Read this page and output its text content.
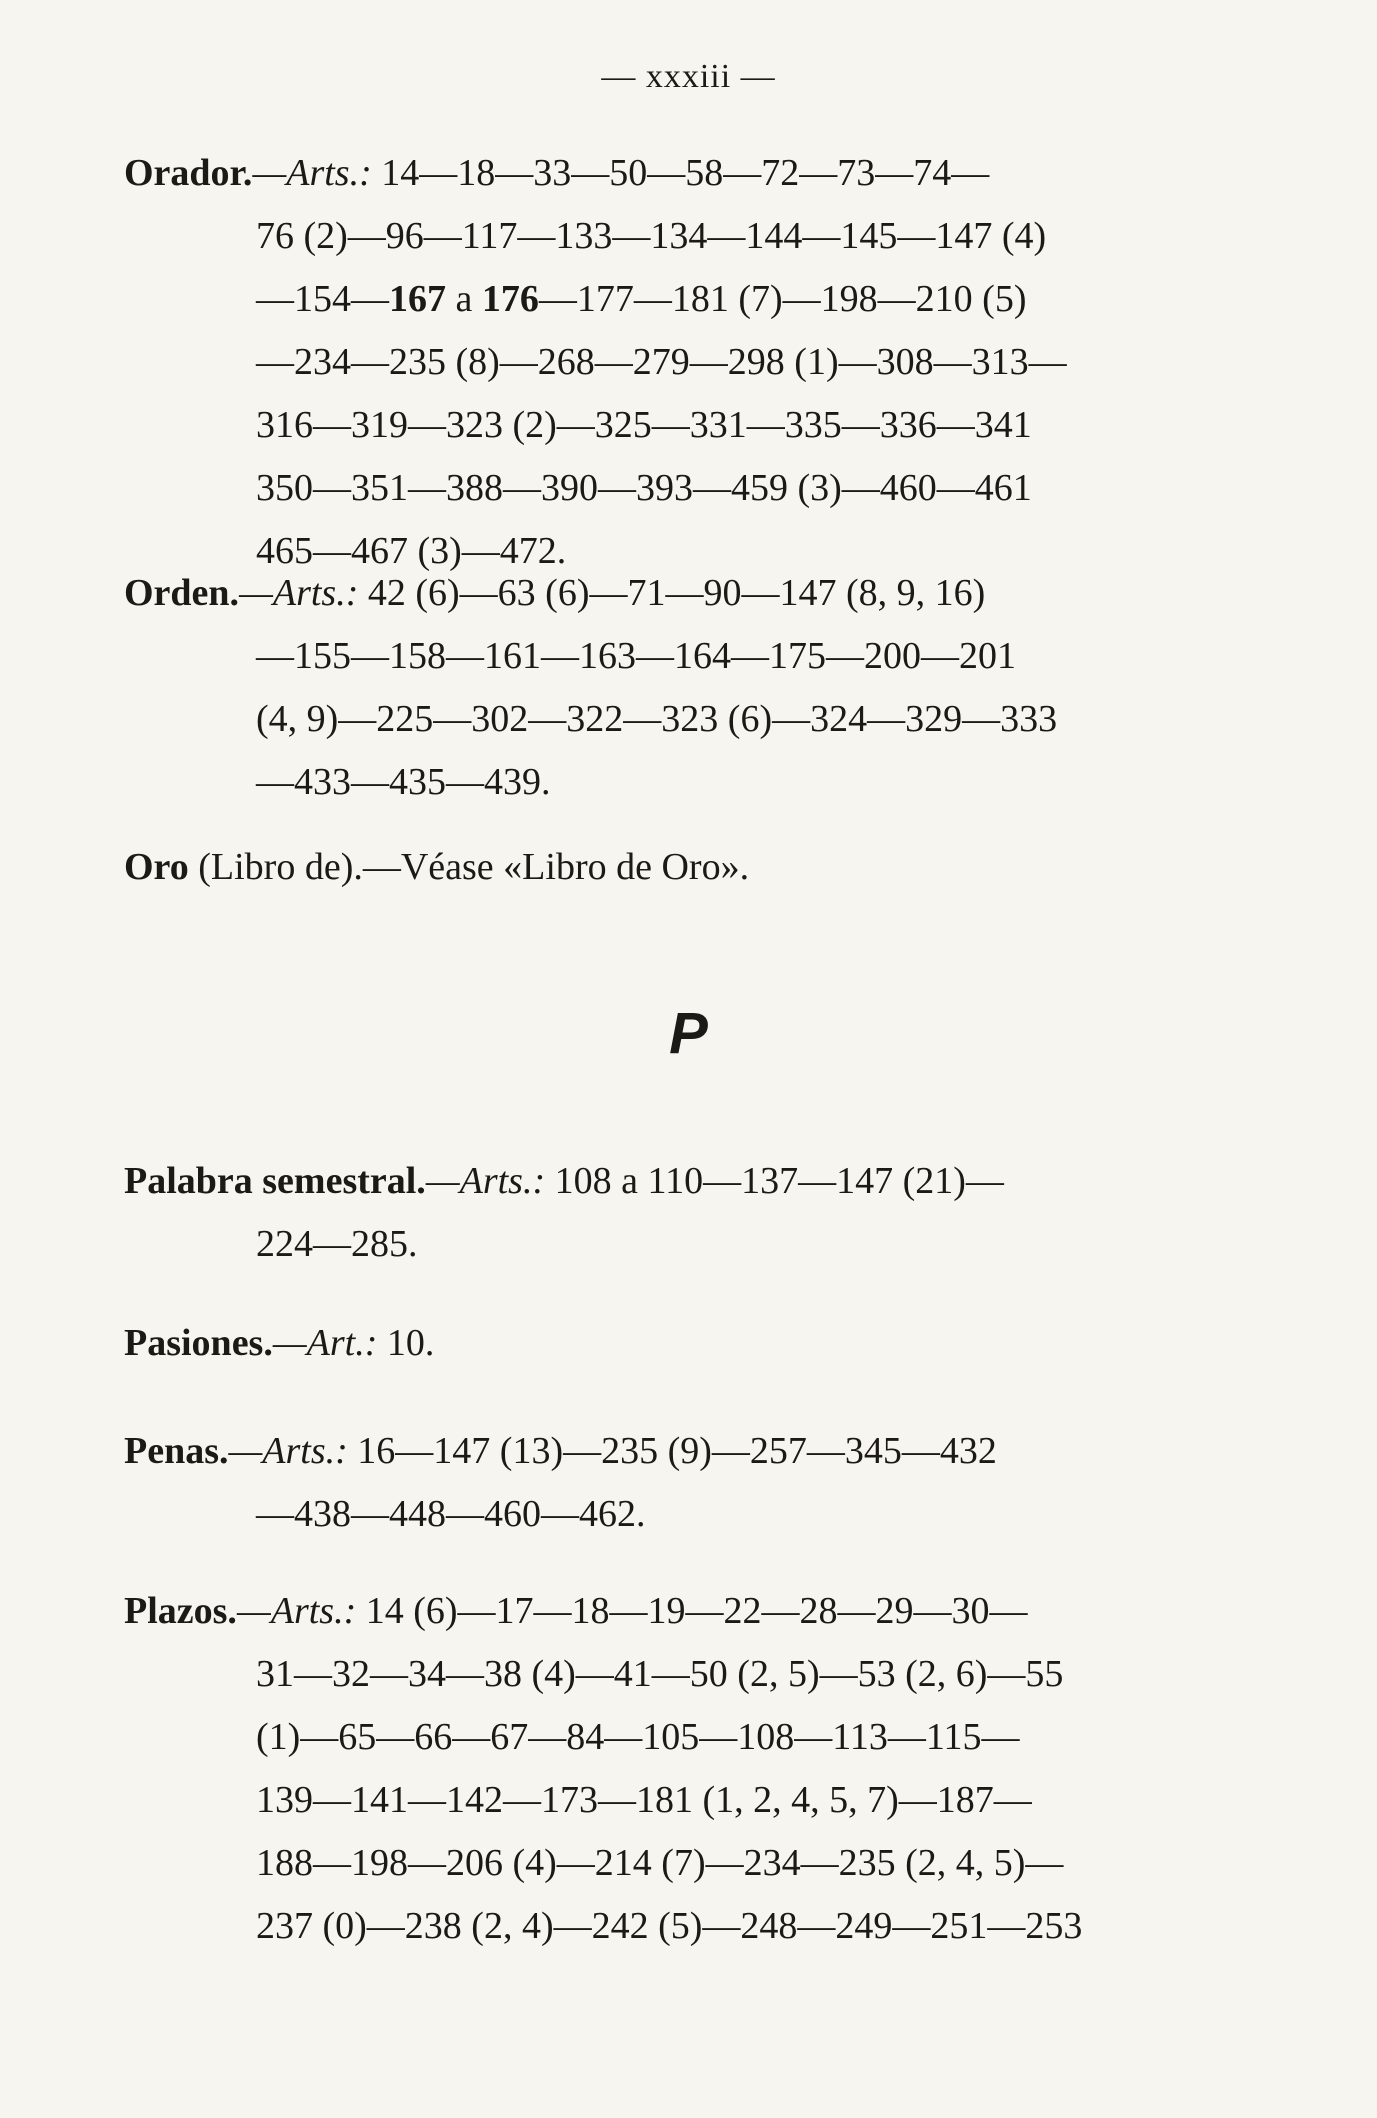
— xxxiii —
Orador.—Arts.: 14—18—33—50—58—72—73—74—
76 (2)—96—117—133—134—144—145—147 (4)
—154—167 a 176—177—181 (7)—198—210 (5)
—234—235 (8)—268—279—298 (1)—308—313—
316—319—323 (2)—325—331—335—336—341
350—351—388—390—393—459 (3)—460—461
465—467 (3)—472.
Orden.—Arts.: 42 (6)—63 (6)—71—90—147 (8, 9, 16)
—155—158—161—163—164—175—200—201
(4, 9)—225—302—322—323 (6)—324—329—333
—433—435—439.
Oro (Libro de).—Véase «Libro de Oro».
P
Palabra semestral.—Arts.: 108 a 110—137—147 (21)—
224—285.
Pasiones.—Art.: 10.
Penas.—Arts.: 16—147 (13)—235 (9)—257—345—432
—438—448—460—462.
Plazos.—Arts.: 14 (6)—17—18—19—22—28—29—30—
31—32—34—38 (4)—41—50 (2, 5)—53 (2, 6)—55
(1)—65—66—67—84—105—108—113—115—
139—141—142—173—181 (1, 2, 4, 5, 7)—187—
188—198—206 (4)—214 (7)—234—235 (2, 4, 5)—
237 (0)—238 (2, 4)—242 (5)—248—249—251—253
